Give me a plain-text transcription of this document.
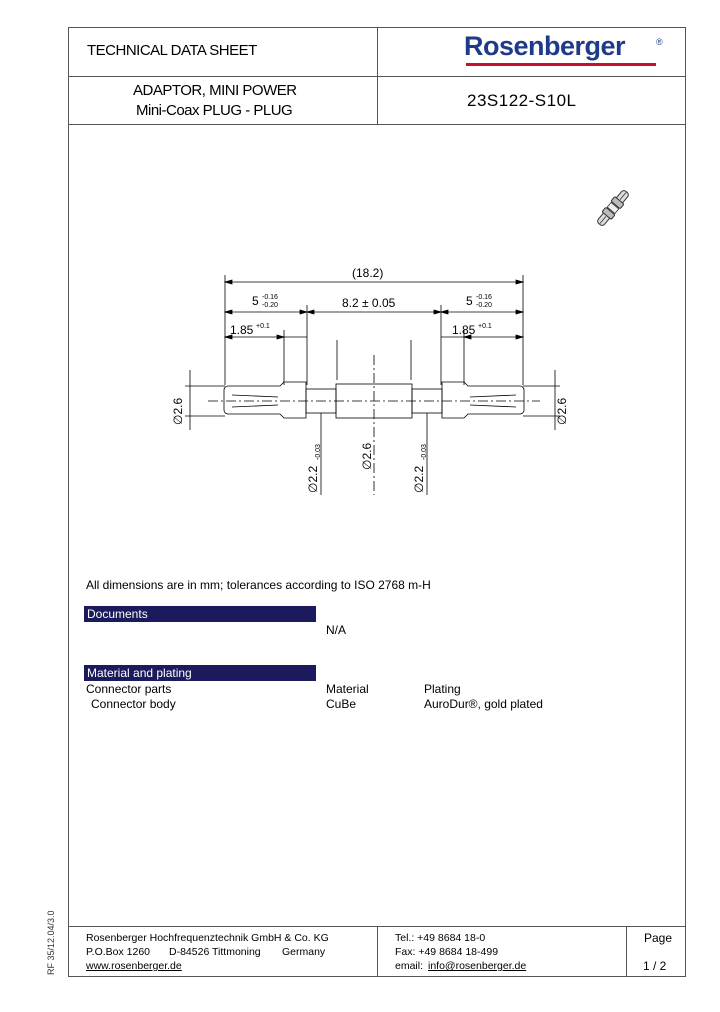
TECHNICAL DATA SHEET	Rosenberger	®
ADAPTOR, MINI POWER
Mini-Coax PLUG - PLUG
23S122-S10L
(18.2)
5 -0.16
-0.20	8.2 ± 0.05	5 -0.16
-0.20
1.85 +0.1	1.85 +0.1
∅2.6	∅2.6
∅2.2
-0.03	∅2.6
∅2.2
-0.03
All dimensions are in mm; tolerances according to ISO 2768 m-H
Documents
N/A
Material and plating
Connector parts	Material	Plating
Connector body	CuBe	AuroDur®, gold plated
Rosenberger Hochfrequenztechnik GmbH & Co. KG
P.O.Box 1260 D-84526 Tittmoning Germany
www.rosenberger.de
Tel.: +49 8684 18-0
Fax: +49 8684 18-499
email: info@rosenberger.de
Page
1 / 2
RF 35/12.04/3.0
